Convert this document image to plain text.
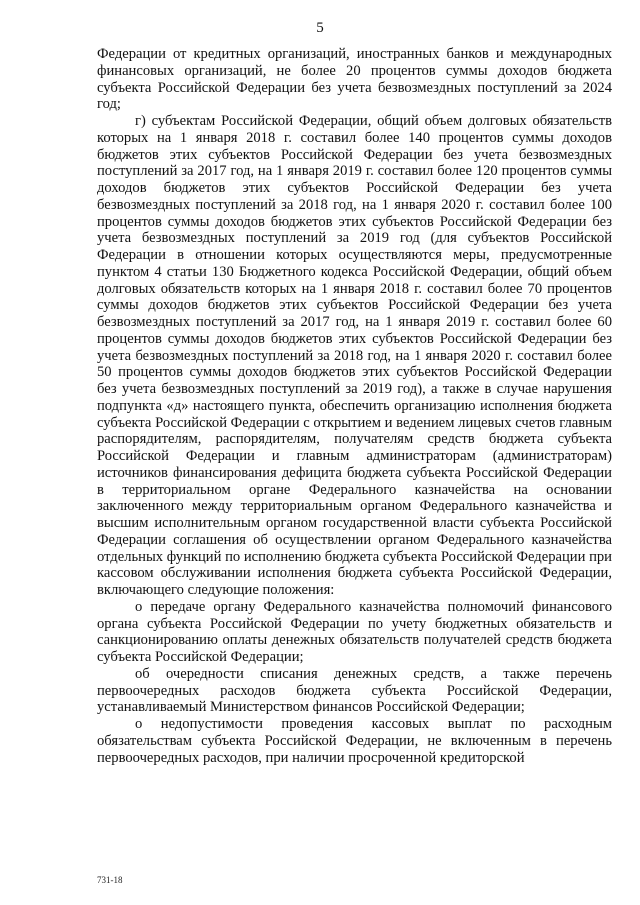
5

Федерации от кредитных организаций, иностранных банков и международных финансовых организаций, не более 20 процентов суммы доходов бюджета субъекта Российской Федерации без учета безвозмездных поступлений за 2024 год;

г) субъектам Российской Федерации, общий объем долговых обязательств которых на 1 января 2018 г. составил более 140 процентов суммы доходов бюджетов этих субъектов Российской Федерации без учета безвозмездных поступлений за 2017 год, на 1 января 2019 г. составил более 120 процентов суммы доходов бюджетов этих субъектов Российской Федерации без учета безвозмездных поступлений за 2018 год, на 1 января 2020 г. составил более 100 процентов суммы доходов бюджетов этих субъектов Российской Федерации без учета безвозмездных поступлений за 2019 год (для субъектов Российской Федерации в отношении которых осуществляются меры, предусмотренные пунктом 4 статьи 130 Бюджетного кодекса Российской Федерации, общий объем долговых обязательств которых на 1 января 2018 г. составил более 70 процентов суммы доходов бюджетов этих субъектов Российской Федерации без учета безвозмездных поступлений за 2017 год, на 1 января 2019 г. составил более 60 процентов суммы доходов бюджетов этих субъектов Российской Федерации без учета безвозмездных поступлений за 2018 год, на 1 января 2020 г. составил более 50 процентов суммы доходов бюджетов этих субъектов Российской Федерации без учета безвозмездных поступлений за 2019 год), а также в случае нарушения подпункта «д» настоящего пункта, обеспечить организацию исполнения бюджета субъекта Российской Федерации с открытием и ведением лицевых счетов главным распорядителям, распорядителям, получателям средств бюджета субъекта Российской Федерации и главным администраторам (администраторам) источников финансирования дефицита бюджета субъекта Российской Федерации в территориальном органе Федерального казначейства на основании заключенного между территориальным органом Федерального казначейства и высшим исполнительным органом государственной власти субъекта Российской Федерации соглашения об осуществлении органом Федерального казначейства отдельных функций по исполнению бюджета субъекта Российской Федерации при кассовом обслуживании исполнения бюджета субъекта Российской Федерации, включающего следующие положения:

о передаче органу Федерального казначейства полномочий финансового органа субъекта Российской Федерации по учету бюджетных обязательств и санкционированию оплаты денежных обязательств получателей средств бюджета субъекта Российской Федерации;

об очередности списания денежных средств, а также перечень первоочередных расходов бюджета субъекта Российской Федерации, устанавливаемый Министерством финансов Российской Федерации;

о недопустимости проведения кассовых выплат по расходным обязательствам субъекта Российской Федерации, не включенным в перечень первоочередных расходов, при наличии просроченной кредиторской

731-18
